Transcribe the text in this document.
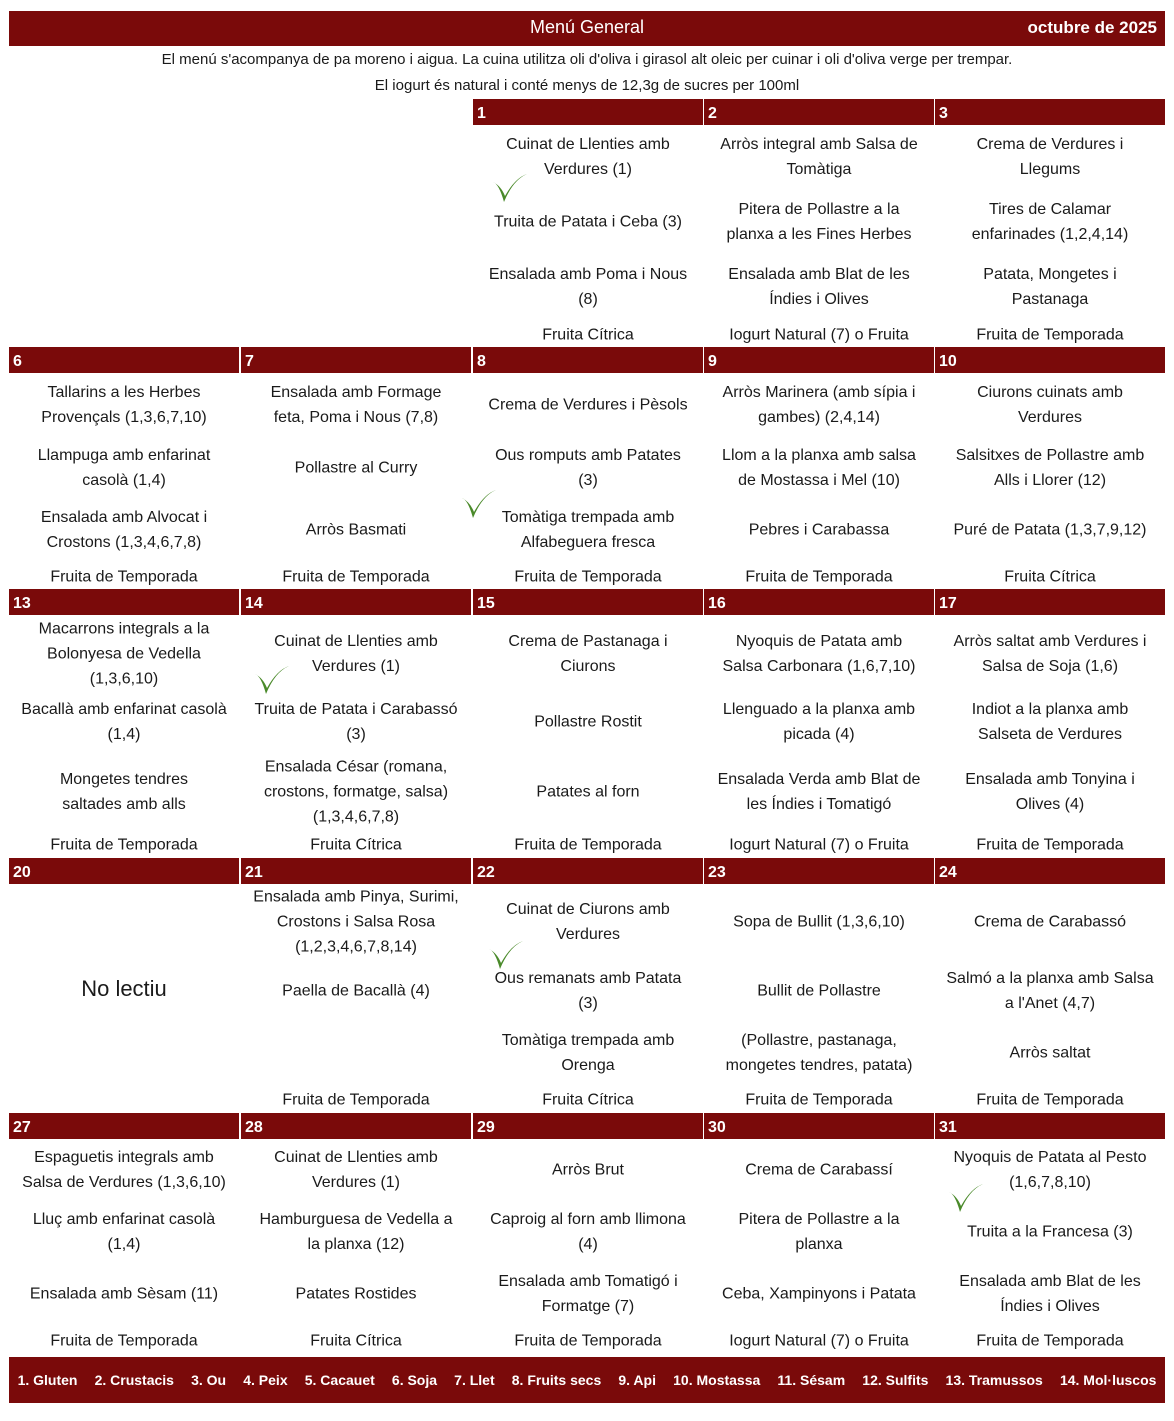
Menú General	octubre de 2025
El menú s'acompanya de pa moreno i aigua. La cuina utilitza oli d'oliva i girasol alt oleic per cuinar i oli d'oliva verge per trempar.
El iogurt és natural i conté menys de 12,3g de sucres per 100ml
1
Cuinat de Llenties amb
Verdures (1)
Truita de Patata i Ceba (3)
Ensalada amb Poma i Nous
(8)
Fruita Cítrica
2
Arròs integral amb Salsa de
Tomàtiga
Pitera de Pollastre a la
planxa a les Fines Herbes
Ensalada amb Blat de les
Índies i Olives
Iogurt Natural (7) o Fruita
3
Crema de Verdures i
Llegums
Tires de Calamar
enfarinades (1,2,4,14)
Patata, Mongetes i
Pastanaga
Fruita de Temporada
6
Tallarins a les Herbes
Provençals (1,3,6,7,10)
Llampuga amb enfarinat
casolà (1,4)
Ensalada amb Alvocat i
Crostons (1,3,4,6,7,8)
Fruita de Temporada
7
Ensalada amb Formage
feta, Poma i Nous (7,8)
Pollastre al Curry
Arròs Basmati
Fruita de Temporada
8
Crema de Verdures i Pèsols
Ous romputs amb Patates
(3)
Tomàtiga trempada amb
Alfabeguera fresca
Fruita de Temporada
9
Arròs Marinera (amb sípia i
gambes) (2,4,14)
Llom a la planxa amb salsa
de Mostassa i Mel (10)
Pebres i Carabassa
Fruita de Temporada
10
Ciurons cuinats amb
Verdures
Salsitxes de Pollastre amb
Alls i Llorer (12)
Puré de Patata (1,3,7,9,12)
Fruita Cítrica
13
Macarrons integrals a la
Bolonyesa de Vedella
(1,3,6,10)
Bacallà amb enfarinat casolà
(1,4)
Mongetes tendres
saltades amb alls
Fruita de Temporada
14
Cuinat de Llenties amb
Verdures (1)
Truita de Patata i Carabassó
(3)
Ensalada César (romana,
crostons, formatge, salsa)
(1,3,4,6,7,8)
Fruita Cítrica
15
Crema de Pastanaga i
Ciurons
Pollastre Rostit
Patates al forn
Fruita de Temporada
16
Nyoquis de Patata amb
Salsa Carbonara (1,6,7,10)
Llenguado a la planxa amb
picada (4)
Ensalada Verda amb Blat de
les Índies i Tomatigó
Iogurt Natural (7) o Fruita
17
Arròs saltat amb Verdures i
Salsa de Soja (1,6)
Indiot a la planxa amb
Salseta de Verdures
Ensalada amb Tonyina i
Olives (4)
Fruita de Temporada
20
No lectiu
21
Ensalada amb Pinya, Surimi,
Crostons i Salsa Rosa
(1,2,3,4,6,7,8,14)
Paella de Bacallà (4)
Fruita de Temporada
22
Cuinat de Ciurons amb
Verdures
Ous remanats amb Patata
(3)
Tomàtiga trempada amb
Orenga
Fruita Cítrica
23
Sopa de Bullit (1,3,6,10)
Bullit de Pollastre
(Pollastre, pastanaga,
mongetes tendres, patata)
Fruita de Temporada
24
Crema de Carabassó
Salmó a la planxa amb Salsa
a l'Anet (4,7)
Arròs saltat
Fruita de Temporada
27
Espaguetis integrals amb
Salsa de Verdures (1,3,6,10)
Lluç amb enfarinat casolà
(1,4)
Ensalada amb Sèsam (11)
Fruita de Temporada
28
Cuinat de Llenties amb
Verdures (1)
Hamburguesa de Vedella a
la planxa (12)
Patates Rostides
Fruita Cítrica
29
Arròs Brut
Caproig al forn amb llimona
(4)
Ensalada amb Tomatigó i
Formatge (7)
Fruita de Temporada
30
Crema de Carabassí
Pitera de Pollastre a la
planxa
Ceba, Xampinyons i Patata
Iogurt Natural (7) o Fruita
31
Nyoquis de Patata al Pesto
(1,6,7,8,10)
Truita a la Francesa (3)
Ensalada amb Blat de les
Índies i Olives
Fruita de Temporada
1. Gluten 2. Crustacis 3. Ou 4. Peix 5. Cacauet 6. Soja 7. Llet 8. Fruits secs 9. Api 10. Mostassa 11. Sésam 12. Sulfits 13. Tramussos 14. Mol·luscos
